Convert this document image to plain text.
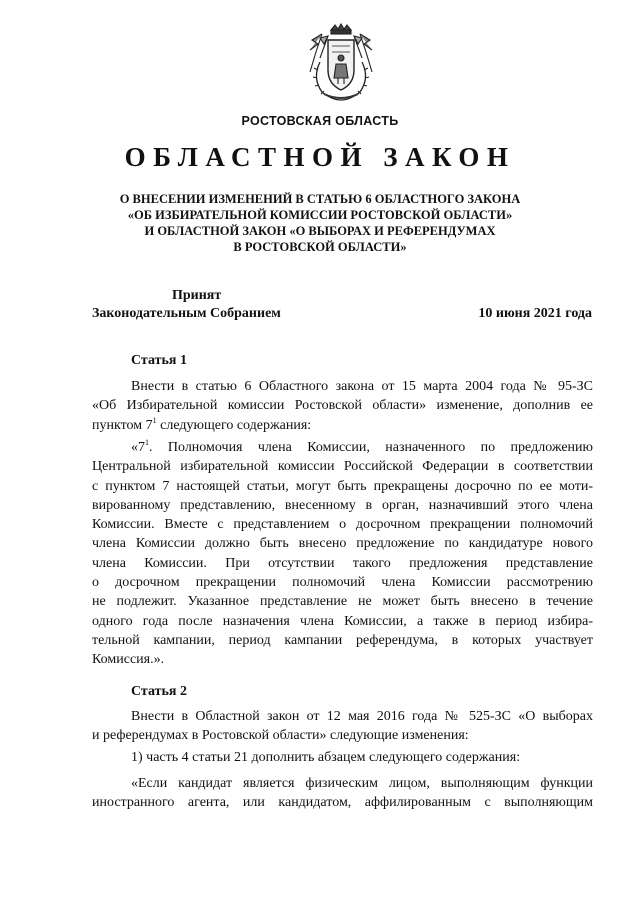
РОСТОВСКАЯ ОБЛАСТЬ
ОБЛАСТНОЙ ЗАКОН
О ВНЕСЕНИИ ИЗМЕНЕНИЙ В СТАТЬЮ 6 ОБЛАСТНОГО ЗАКОНА
«ОБ ИЗБИРАТЕЛЬНОЙ КОМИССИИ РОСТОВСКОЙ ОБЛАСТИ»
И ОБЛАСТНОЙ ЗАКОН «О ВЫБОРАХ И РЕФЕРЕНДУМАХ
В РОСТОВСКОЙ ОБЛАСТИ»
Принят
Законодательным Собранием	10 июня 2021 года
Статья 1
Внести в статью 6 Областного закона от 15 марта 2004 года № 95-ЗС
«Об Избирательной комиссии Ростовской области» изменение, дополнив ее
пунктом $7^1$ следующего содержания:
«$7^1$. Полномочия члена Комиссии, назначенного по предложению
Центральной избирательной комиссии Российской Федерации в соответствии
с пунктом 7 настоящей статьи, могут быть прекращены досрочно по ее моти-
вированному представлению, внесенному в орган, назначивший этого члена
Комиссии. Вместе с представлением о досрочном прекращении полномочий
члена Комиссии должно быть внесено предложение по кандидатуре нового
члена Комиссии. При отсутствии такого предложения представление
о досрочном прекращении полномочий члена Комиссии рассмотрению
не подлежит. Указанное представление не может быть внесено в течение
одного года после назначения члена Комиссии, а также в период избира-
тельной кампании, период кампании референдума, в которых участвует
Комиссия.».
Статья 2
Внести в Областной закон от 12 мая 2016 года № 525-ЗС «О выборах
и референдумах в Ростовской области» следующие изменения:
1) часть 4 статьи 21 дополнить абзацем следующего содержания:
«Если кандидат является физическим лицом, выполняющим функции
иностранного агента, или кандидатом, аффилированным с выполняющим
